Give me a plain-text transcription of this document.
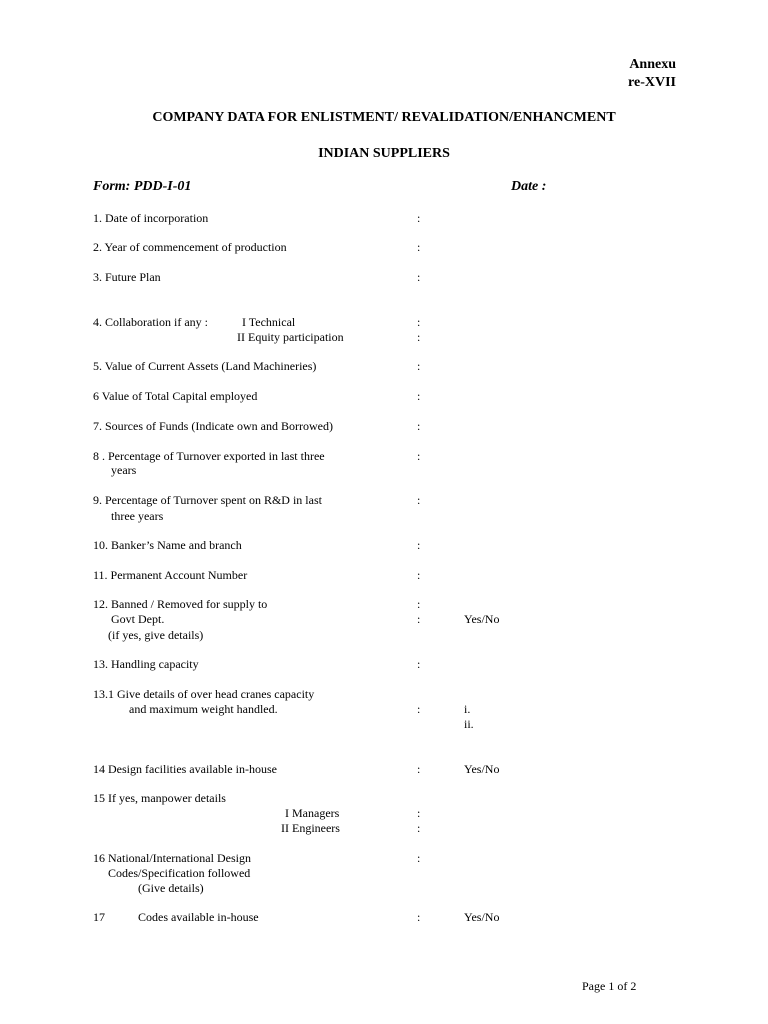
Annexu
re-XVII
COMPANY DATA FOR ENLISTMENT/ REVALIDATION/ENHANCMENT
INDIAN SUPPLIERS
Form: PDD-I-01	Date :
1. Date of incorporation	:
2. Year of commencement of production	:
3. Future Plan	:
4. Collaboration if any :	I Technical	:
II Equity participation	:
5. Value of Current Assets (Land Machineries)	:
6 Value of Total Capital employed	:
7. Sources of Funds (Indicate own and Borrowed)	:
8 . Percentage of Turnover exported in last three	:
years
9. Percentage of Turnover spent on R&D in last	:
three years
10. Banker’s Name and branch	:
11. Permanent Account Number	:
12. Banned / Removed for supply to	:
Govt Dept.	:	Yes/No
(if yes, give details)
13. Handling capacity	:
13.1 Give details of over head cranes capacity
and maximum weight handled.	:	i.
ii.
14 Design facilities available in-house	:	Yes/No
15 If yes, manpower details
I Managers	:
II Engineers	:
16 National/International Design	:
Codes/Specification followed
(Give details)
17	Codes available in-house	:	Yes/No
Page 1 of 2
